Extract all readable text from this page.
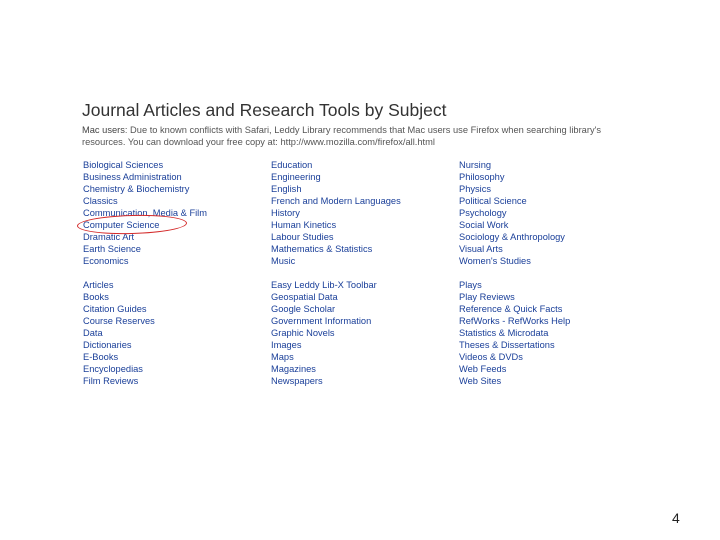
Journal Articles and Research Tools by Subject

Mac users: Due to known conflicts with Safari, Leddy Library recommends that Mac users use Firefox when searching library's resources. You can download your free copy at: http://www.mozilla.com/firefox/all.html

Biological Sciences
Business Administration
Chemistry & Biochemistry
Classics
Communication, Media & Film
Computer Science
Dramatic Art
Earth Science
Economics
Education
Engineering
English
French and Modern Languages
History
Human Kinetics
Labour Studies
Mathematics & Statistics
Music
Nursing
Philosophy
Physics
Political Science
Psychology
Social Work
Sociology & Anthropology
Visual Arts
Women's Studies
Articles
Books
Citation Guides
Course Reserves
Data
Dictionaries
E-Books
Encyclopedias
Film Reviews
Easy Leddy Lib-X Toolbar
Geospatial Data
Google Scholar
Government Information
Graphic Novels
Images
Maps
Magazines
Newspapers
Plays
Play Reviews
Reference & Quick Facts
RefWorks - RefWorks Help
Statistics & Microdata
Theses & Dissertations
Videos & DVDs
Web Feeds
Web Sites
4
